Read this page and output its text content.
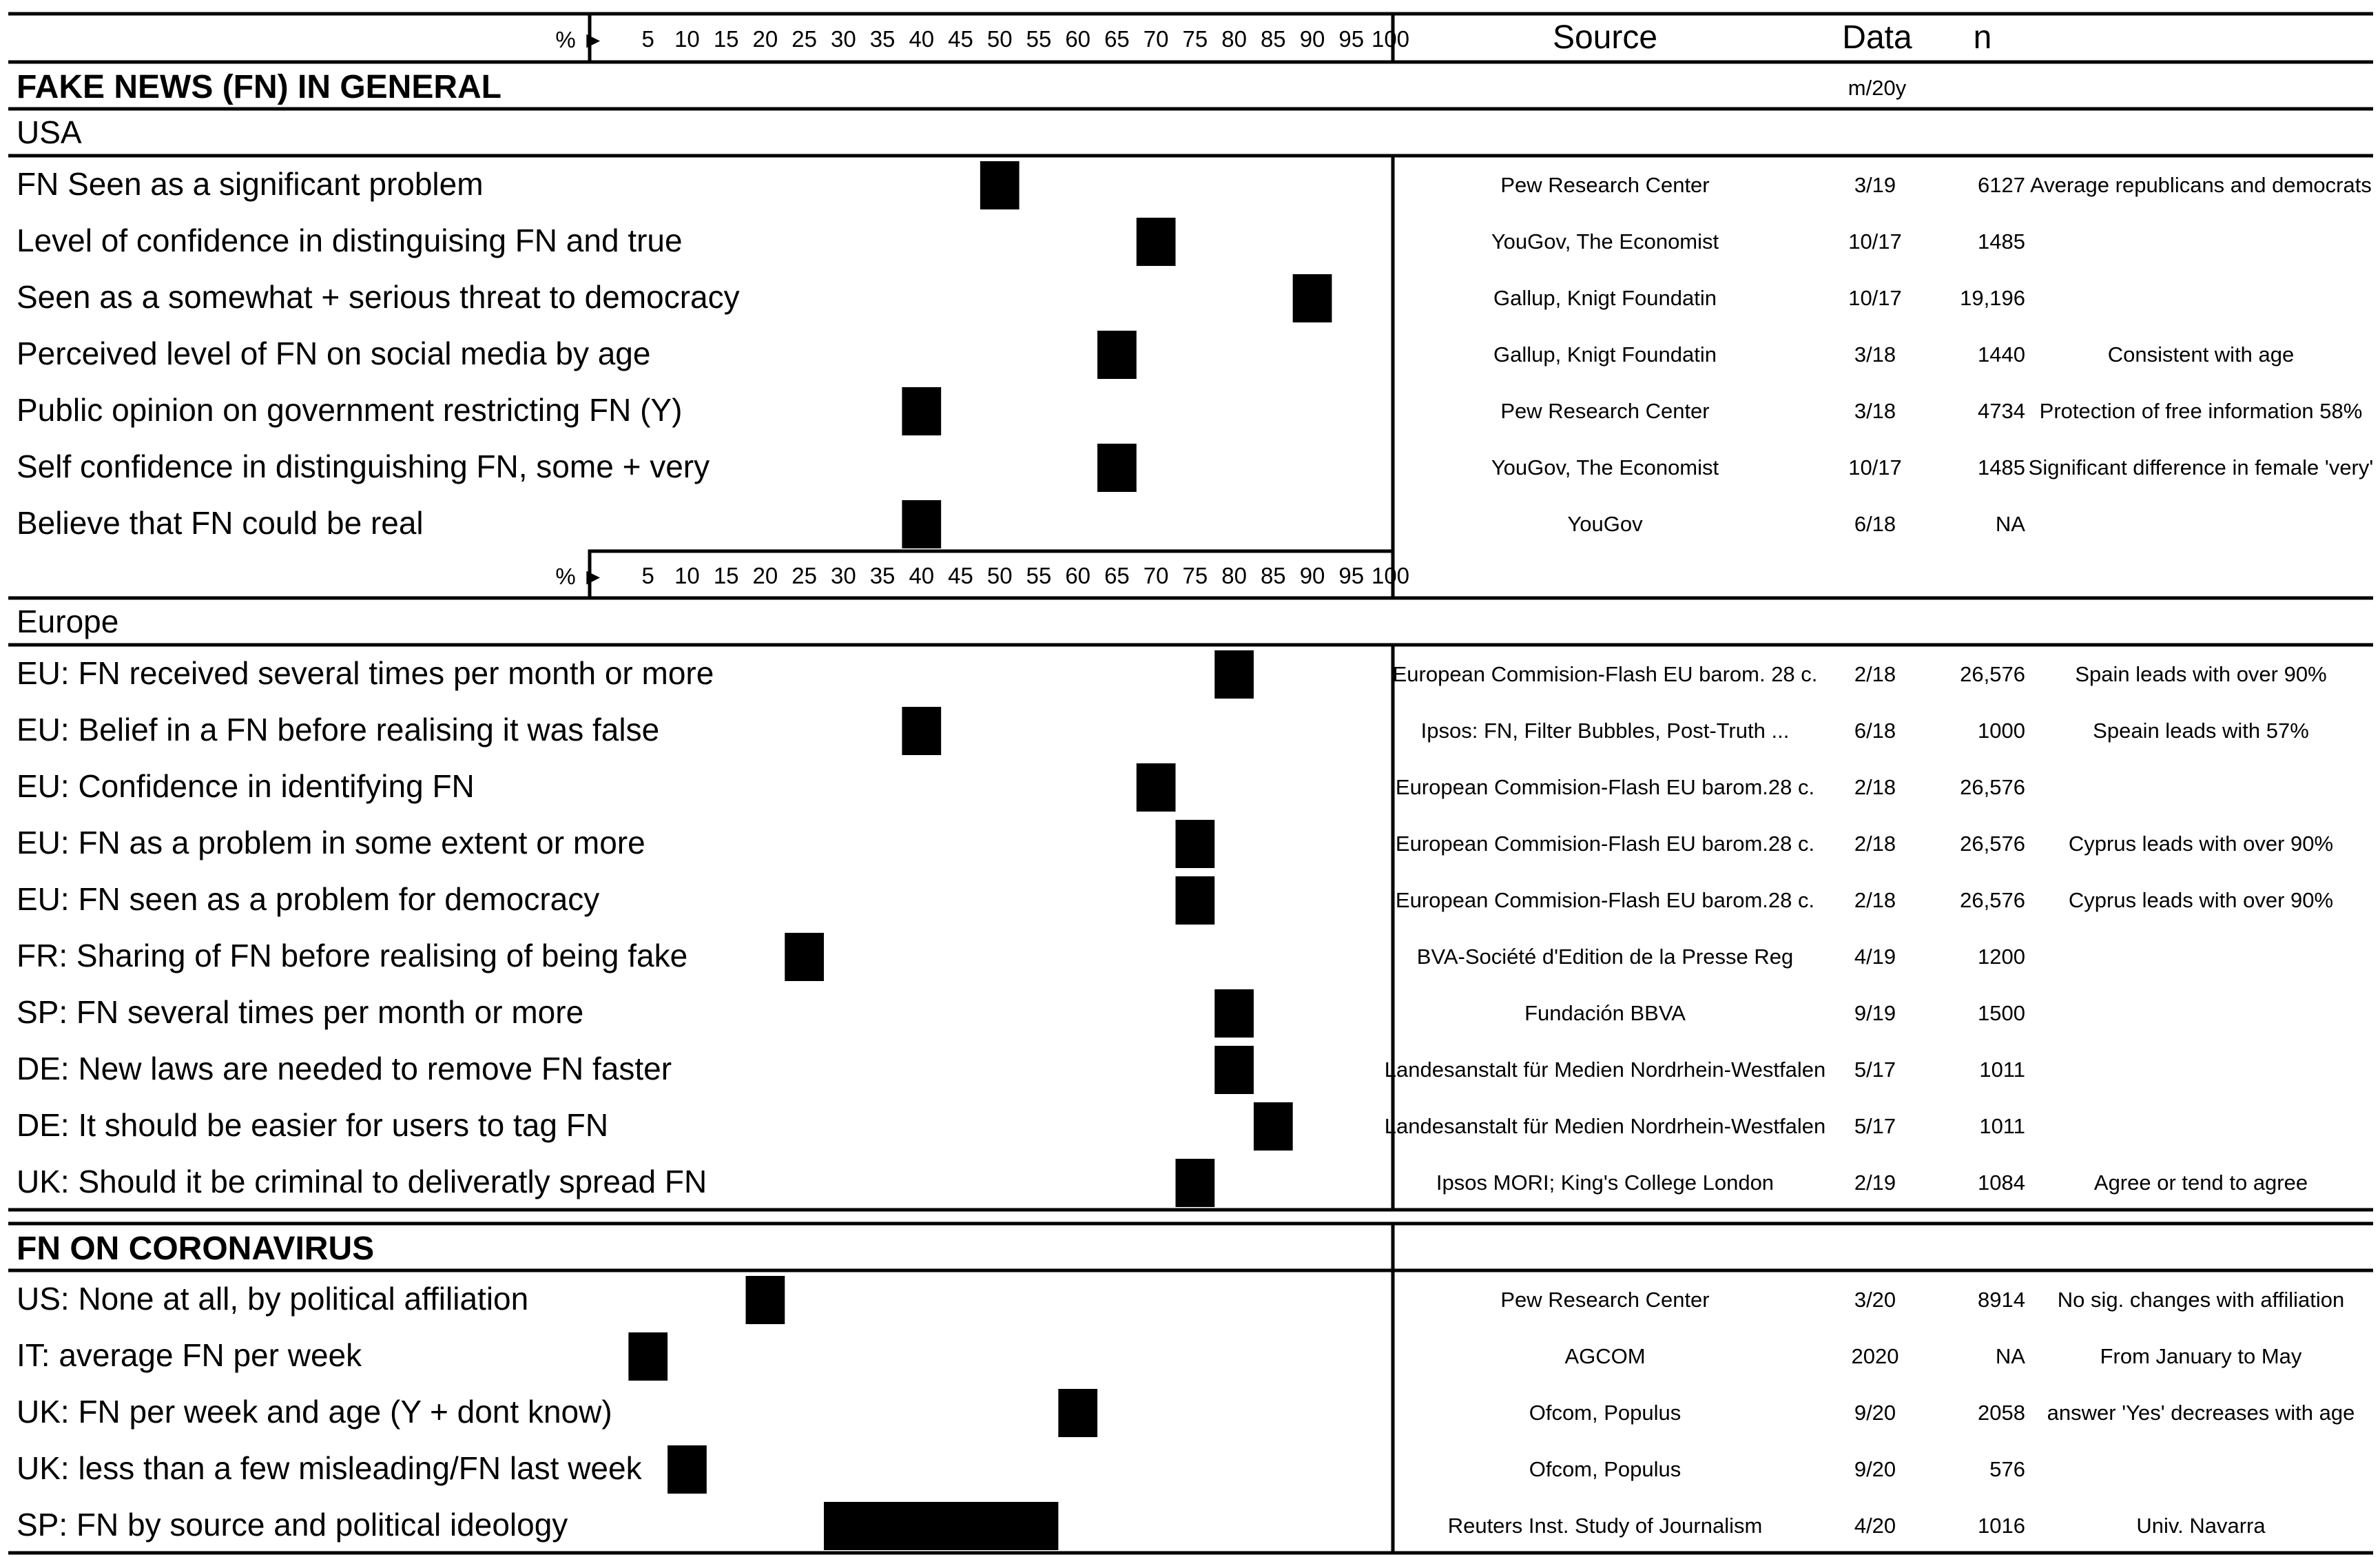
% ► 5 10 15 20 25 30 35 40 45 50 55 60 65 70 75 80 85 90 95 100
% ► 5 10 15 20 25 30 35 40 45 50 55 60 65 70 75 80 85 90 95 100
Source	Data n
m/20y
FAKE NEWS (FN) IN GENERAL
USA
FN Seen as a significant problem	Pew Research Center	3/19	6127 Average republicans and democrats
Level of confidence in distinguising FN and true	YouGov, The Economist	10/17	1485
Seen as a somewhat + serious threat to democracy	Gallup, Knigt Foundatin	10/17	19,196
Perceived level of FN on social media by age	Gallup, Knigt Foundatin	3/18	1440	Consistent with age
Public opinion on government restricting FN (Y)	Pew Research Center	3/18	4734 Protection of free information 58%
Self confidence in distinguishing FN, some + very	YouGov, The Economist	10/17	1485 Significant difference in female 'very'
Believe that FN could be real	YouGov	6/18	NA
Europe
EU: FN received several times per month or more	European Commision-Flash EU barom. 28 c. 2/18	26,576 Spain leads with over 90%
EU: Belief in a FN before realising it was false	Ipsos: FN, Filter Bubbles, Post-Truth ...	6/18	1000	Speain leads with 57%
EU: Confidence in identifying FN	European Commision-Flash EU barom.28 c. 2/18	26,576
EU: FN as a problem in some extent or more	European Commision-Flash EU barom.28 c. 2/18	26,576 Cyprus leads with over 90%
EU: FN seen as a problem for democracy	European Commision-Flash EU barom.28 c. 2/18	26,576 Cyprus leads with over 90%
FR: Sharing of FN before realising of being fake	BVA-Société d'Edition de la Presse Reg	4/19	1200
SP: FN several times per month or more	Fundación BBVA	9/19	1500
DE: New laws are needed to remove FN faster	Landesanstalt für Medien Nordrhein-Westfalen 5/17	1011
DE: It should be easier for users to tag FN	Landesanstalt für Medien Nordrhein-Westfalen 5/17	1011
UK: Should it be criminal to deliveratly spread FN	Ipsos MORI; King's College London	2/19	1084	Agree or tend to agree
FN ON CORONAVIRUS
US: None at all, by political affiliation	Pew Research Center	3/20	8914 No sig. changes with affiliation
IT: average FN per week	AGCOM	2020	NA	From January to May
UK: FN per week and age (Y + dont know)	Ofcom, Populus	9/20	2058 answer 'Yes' decreases with age
UK: less than a few misleading/FN last week	Ofcom, Populus	9/20	576
SP: FN by source and political ideology	Reuters Inst. Study of Journalism	4/20	1016	Univ. Navarra
